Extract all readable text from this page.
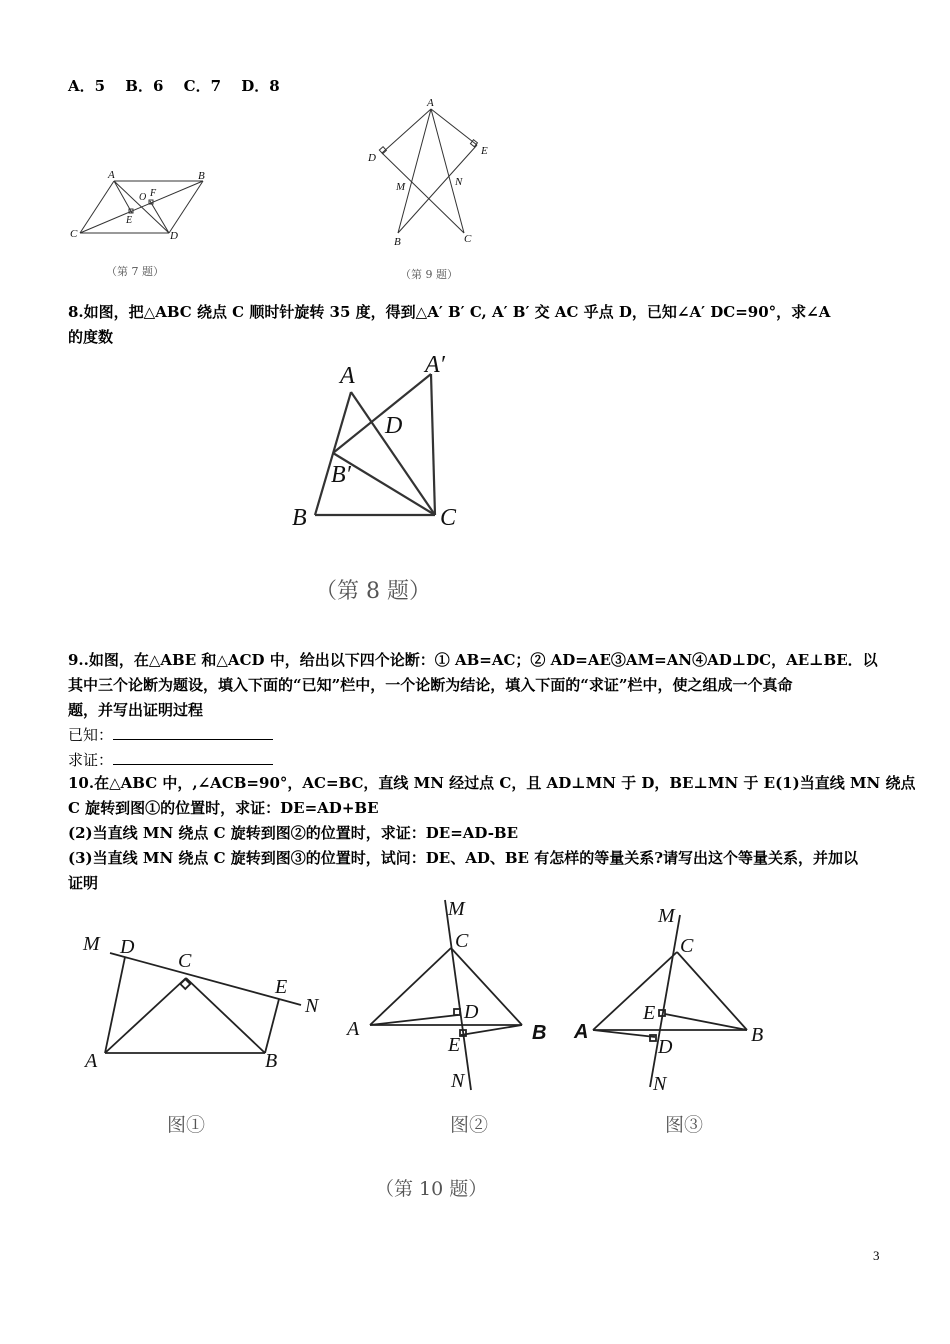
A．5　 B．6　 C．7　 D．8
A	B
C	D
O F
E
（第 7 题）
A
D
E
M	N
B	C
（第 9 题）
8.如图，把△ABC 绕点 C 顺时针旋转 35 度，得到△A′ B′ C, A′ B′ 交 AC 乎点 D，已知∠A′ DC=90°，求∠A
的度数
A	A′
D
B′
B	C
（第 8 题）
9..如图，在△ABE 和△ACD 中，给出以下四个论断：① AB=AC；② AD=AE③AM=AN④AD⊥DC，AE⊥BE．以
其中三个论断为题设，填入下面的“已知”栏中，一个论断为结论，填入下面的“求证”栏中，使之组成一个真命
题，并写出证明过程
已知：
求证：
10.在△ABC 中，,∠ACB=90°，AC=BC，直线 MN 经过点 C，且 AD⊥MN 于 D，BE⊥MN 于 E(1)当直线 MN 绕点
C 旋转到图①的位置时，求证：DE=AD+BE
(2)当直线 MN 绕点 C 旋转到图②的位置时，求证：DE=AD-BE
(3)当直线 MN 绕点 C 旋转到图③的位置时，试问：DE、AD、BE 有怎样的等量关系?请写出这个等量关系，并加以
证明
M D
C
E
N
A	B
图①
M
C
D
A	B
E
N
图②
M
C
E
A	B
D
N
图③
（第 10 题）
3
